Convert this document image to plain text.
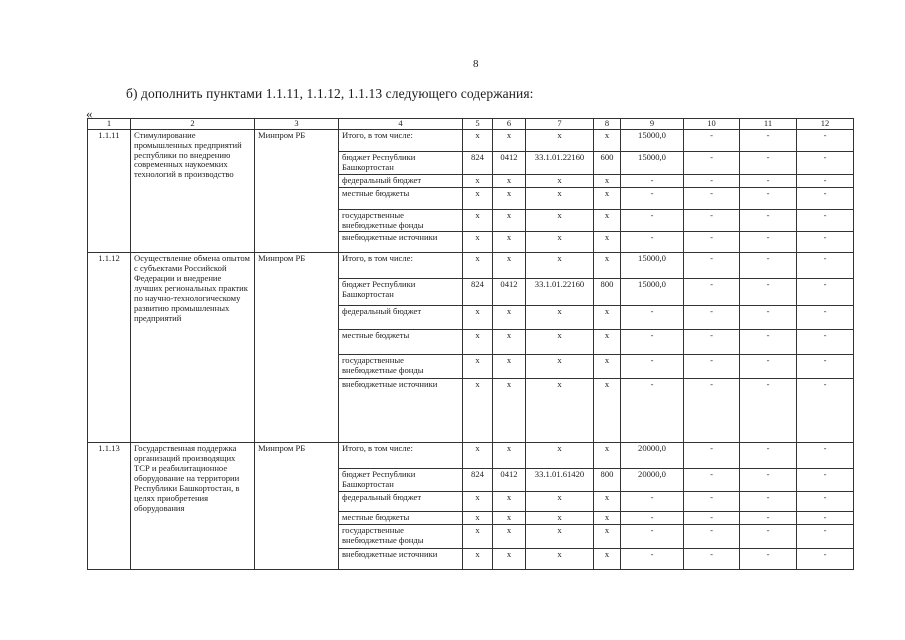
8
б) дополнить пунктами 1.1.11, 1.1.12, 1.1.13 следующего содержания:
«
1	2	3	4	5	6	7	8	9	10	11	12
1.1.11	Стимулирование промышленных предприятий республики по внедрению современных наукоемких технологий в производство	Минпром РБ	Итого, в том числе:	x	x	x	x	15000,0	-	-	-
			бюджет Республики Башкортостан	824	0412	33.1.01.22160	600	15000,0	-	-	-
			федеральный бюджет	x	x	x	x	-	-	-	-
			местные бюджеты	x	x	x	x	-	-	-	-
			государственные внебюджетные фонды	x	x	x	x	-	-	-	-
			внебюджетные источники	x	x	x	x	-	-	-	-
1.1.12	Осуществление обмена опытом с субъектами Российской Федерации и внедрение лучших региональных практик по научно-технологическому развитию промышленных предприятий	Минпром РБ	Итого, в том числе:	x	x	x	x	15000,0	-	-	-
			бюджет Республики Башкортостан	824	0412	33.1.01.22160	800	15000,0	-	-	-
			федеральный бюджет	x	x	x	x	-	-	-	-
			местные бюджеты	x	x	x	x	-	-	-	-
			государственные внебюджетные фонды	x	x	x	x	-	-	-	-
			внебюджетные источники	x	x	x	x	-	-	-	-
1.1.13	Государственная поддержка организаций производящих ТСР и реабилитационное оборудование на территории Республики Башкортостан, в целях приобретения оборудования	Минпром РБ	Итого, в том числе:	x	x	x	x	20000,0	-	-	-
			бюджет Республики Башкортостан	824	0412	33.1.01.61420	800	20000,0	-	-	-
			федеральный бюджет	x	x	x	x	-	-	-	-
			местные бюджеты	x	x	x	x	-	-	-	-
			государственные внебюджетные фонды	x	x	x	x	-	-	-	-
			внебюджетные источники	x	x	x	x	-	-	-	-
